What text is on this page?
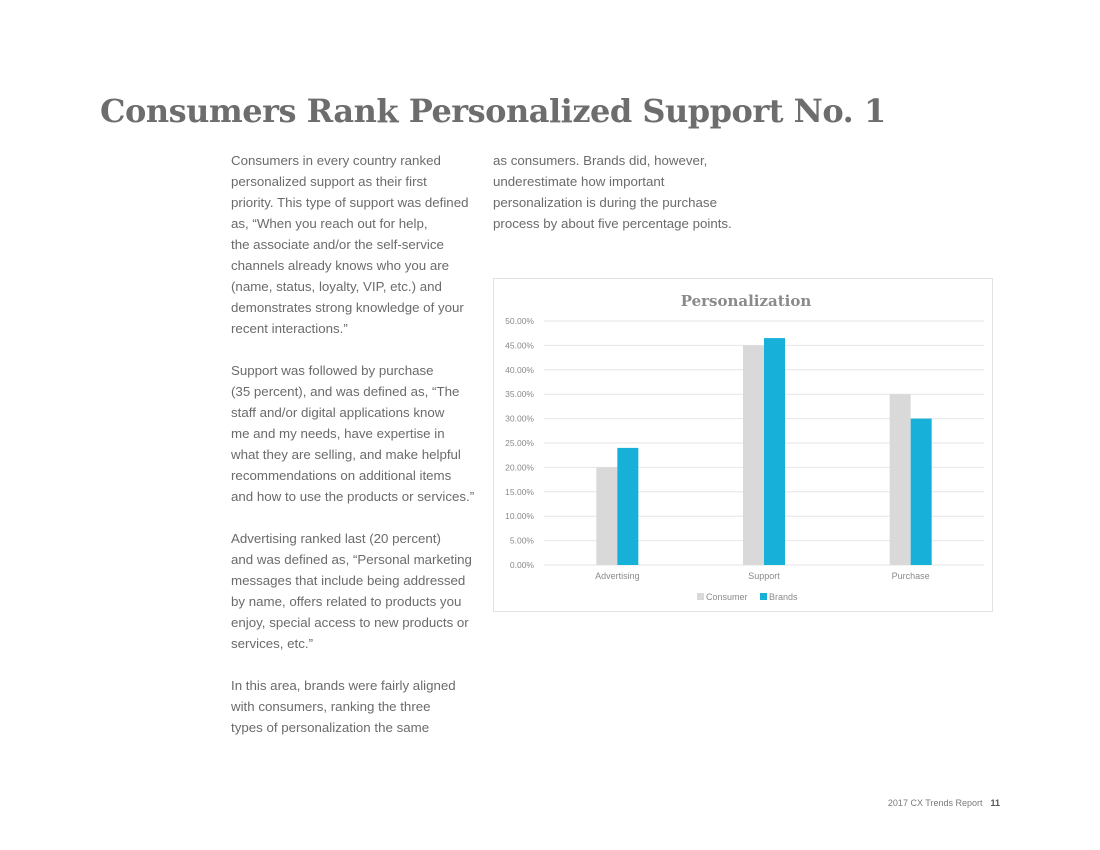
Consumers Rank Personalized Support No. 1
Consumers in every country ranked
personalized support as their first
priority. This type of support was defined
as, “When you reach out for help,
the associate and/or the self-service
channels already knows who you are
(name, status, loyalty, VIP, etc.) and
demonstrates strong knowledge of your
recent interactions.”
Support was followed by purchase
(35 percent), and was defined as, “The
staff and/or digital applications know
me and my needs, have expertise in
what they are selling, and make helpful
recommendations on additional items
and how to use the products or services.”
Advertising ranked last (20 percent)
and was defined as, “Personal marketing
messages that include being addressed
by name, offers related to products you
enjoy, special access to new products or
services, etc.”
In this area, brands were fairly aligned
with consumers, ranking the three
types of personalization the same
as consumers. Brands did, however,
underestimate how important
personalization is during the purchase
process by about five percentage points.
Personalization
0.00%
5.00%
10.00%
15.00%
20.00%
25.00%
30.00%
35.00%
40.00%
45.00%
50.00%
Advertising	Support	Purchase
Consumer Brands
2017 CX Trends Report 11
